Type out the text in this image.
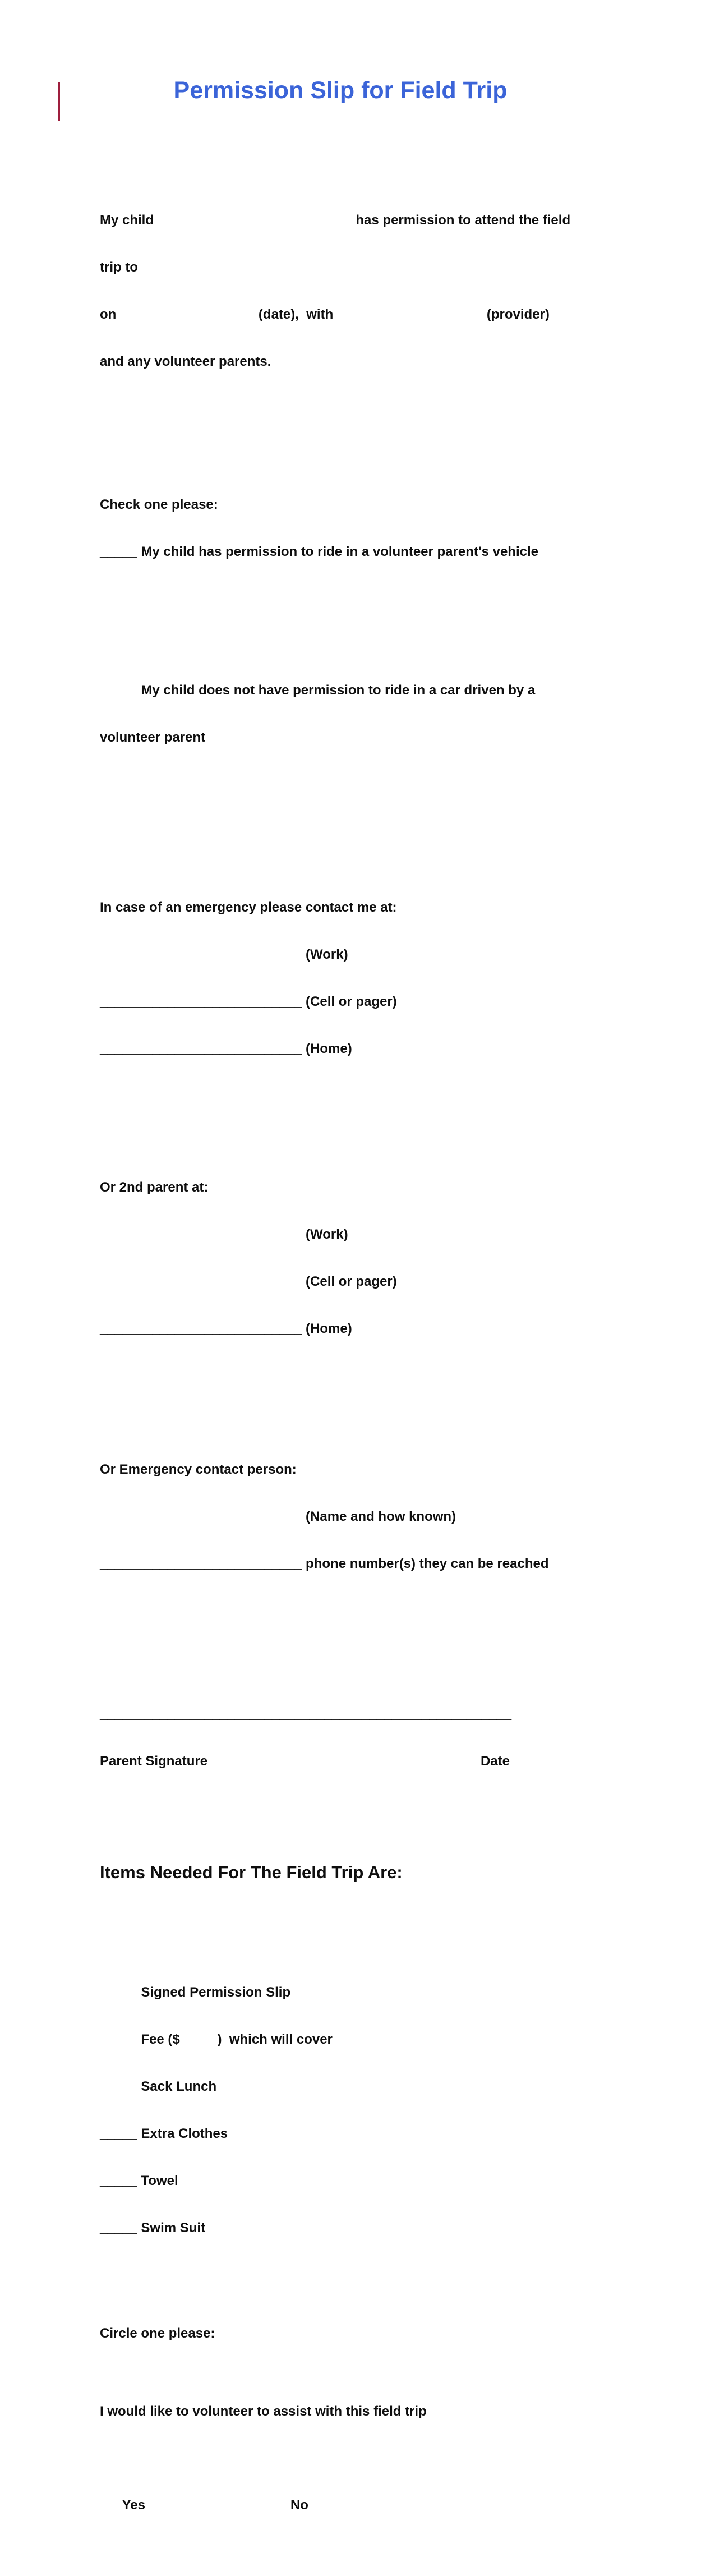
Permission Slip for Field Trip

My child __________________________ has permission to attend the field

trip to_________________________________________

on___________________(date),  with ____________________(provider)

and any volunteer parents.

Check one please:

_____ My child has permission to ride in a volunteer parent's vehicle

_____ My child does not have permission to ride in a car driven by a

volunteer parent

In case of an emergency please contact me at:

___________________________ (Work)

___________________________ (Cell or pager)

___________________________ (Home)

Or 2nd parent at:

___________________________ (Work)

___________________________ (Cell or pager)

___________________________ (Home)

Or Emergency contact person:

___________________________ (Name and how known)

___________________________ phone number(s) they can be reached

_______________________________________________________

Parent Signature	Date

Items Needed For The Field Trip Are:

_____ Signed Permission Slip

_____ Fee ($_____)  which will cover _________________________

_____ Sack Lunch

_____ Extra Clothes

_____ Towel

_____ Swim Suit

Circle one please:

I would like to volunteer to assist with this field trip

Yes	No
